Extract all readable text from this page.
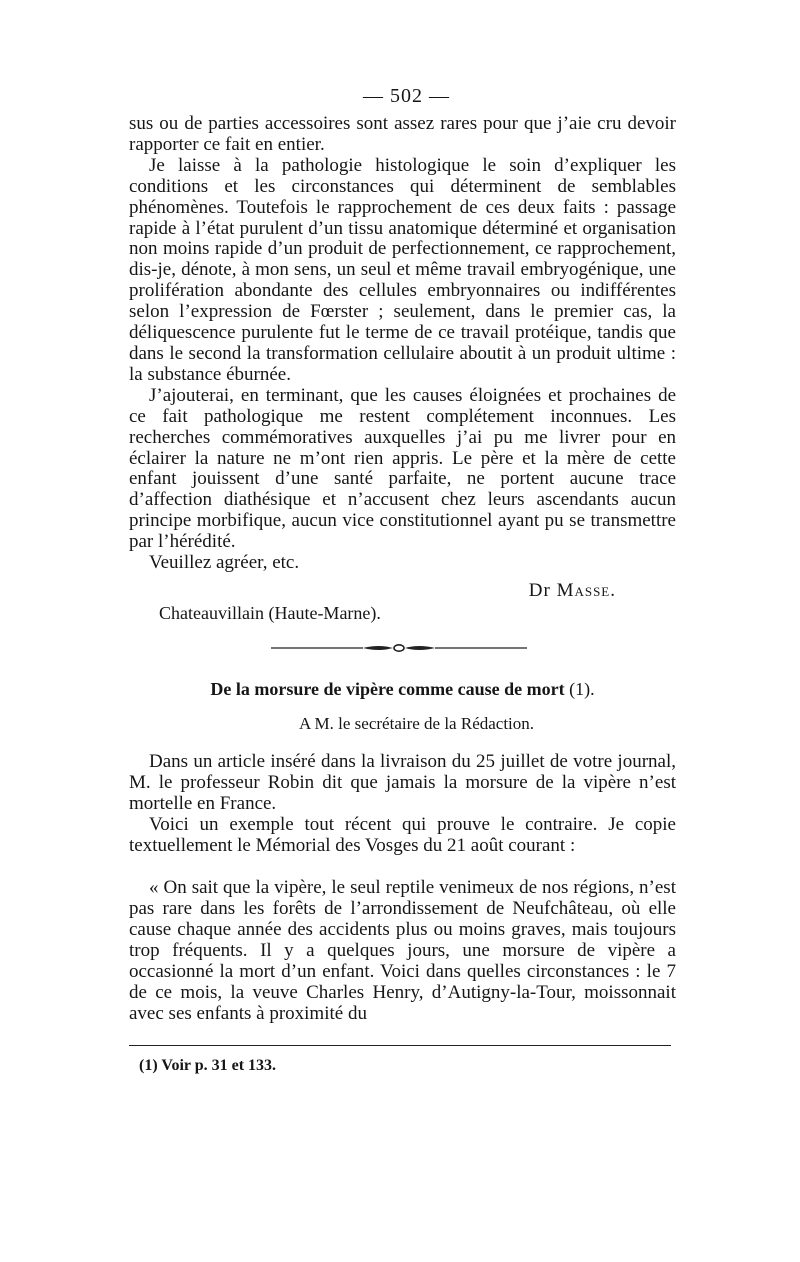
— 502 —

sus ou de parties accessoires sont assez rares pour que j’aie cru devoir rapporter ce fait en entier.

Je laisse à la pathologie histologique le soin d’expliquer les conditions et les circonstances qui déterminent de semblables phénomènes. Toutefois le rapprochement de ces deux faits : passage rapide à l’état purulent d’un tissu anatomique déterminé et organisation non moins rapide d’un produit de perfectionnement, ce rapprochement, dis-je, dénote, à mon sens, un seul et même travail embryogénique, une prolifération abondante des cellules embryonnaires ou indifférentes selon l’expression de Fœrster ; seulement, dans le premier cas, la déliquescence purulente fut le terme de ce travail protéique, tandis que dans le second la transformation cellulaire aboutit à un produit ultime : la substance éburnée.

J’ajouterai, en terminant, que les causes éloignées et prochaines de ce fait pathologique me restent complétement inconnues. Les recherches commémoratives auxquelles j’ai pu me livrer pour en éclairer la nature ne m’ont rien appris. Le père et la mère de cette enfant jouissent d’une santé parfaite, ne portent aucune trace d’affection diathésique et n’accusent chez leurs ascendants aucun principe morbifique, aucun vice constitutionnel ayant pu se transmettre par l’hérédité.

Veuillez agréer, etc.

Dr Masse.

Chateauvillain (Haute-Marne).

De la morsure de vipère comme cause de mort (1).
A M. le secrétaire de la Rédaction.

Dans un article inséré dans la livraison du 25 juillet de votre journal, M. le professeur Robin dit que jamais la morsure de la vipère n’est mortelle en France.

Voici un exemple tout récent qui prouve le contraire. Je copie textuellement le Mémorial des Vosges du 21 août courant :

« On sait que la vipère, le seul reptile venimeux de nos régions, n’est pas rare dans les forêts de l’arrondissement de Neufchâteau, où elle cause chaque année des accidents plus ou moins graves, mais toujours trop fréquents. Il y a quelques jours, une morsure de vipère a occasionné la mort d’un enfant. Voici dans quelles circonstances : le 7 de ce mois, la veuve Charles Henry, d’Autigny-la-Tour, moissonnait avec ses enfants à proximité du

(1) Voir p. 31 et 133.
